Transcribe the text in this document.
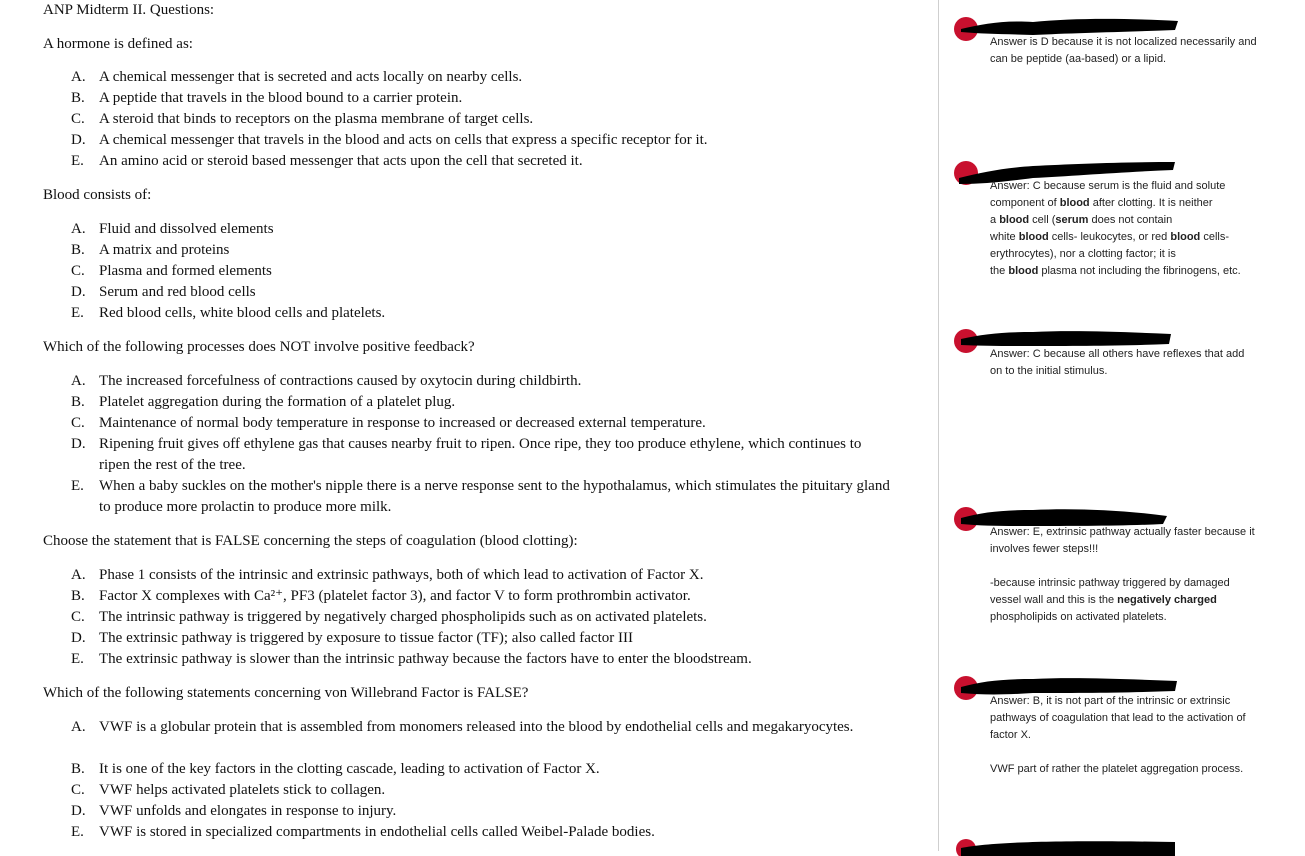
ANP Midterm II. Questions:
A hormone is defined as:
A. A chemical messenger that is secreted and acts locally on nearby cells.
B. A peptide that travels in the blood bound to a carrier protein.
C. A steroid that binds to receptors on the plasma membrane of target cells.
D. A chemical messenger that travels in the blood and acts on cells that express a specific receptor for it.
E. An amino acid or steroid based messenger that acts upon the cell that secreted it.
Blood consists of:
A. Fluid and dissolved elements
B. A matrix and proteins
C. Plasma and formed elements
D. Serum and red blood cells
E. Red blood cells, white blood cells and platelets.
Which of the following processes does NOT involve positive feedback?
A. The increased forcefulness of contractions caused by oxytocin during childbirth.
B. Platelet aggregation during the formation of a platelet plug.
C. Maintenance of normal body temperature in response to increased or decreased external temperature.
D. Ripening fruit gives off ethylene gas that causes nearby fruit to ripen. Once ripe, they too produce ethylene, which continues to ripen the rest of the tree.
E. When a baby suckles on the mother's nipple there is a nerve response sent to the hypothalamus, which stimulates the pituitary gland to produce more prolactin to produce more milk.
Choose the statement that is FALSE concerning the steps of coagulation (blood clotting):
A. Phase 1 consists of the intrinsic and extrinsic pathways, both of which lead to activation of Factor X.
B. Factor X complexes with Ca²⁺, PF3 (platelet factor 3), and factor V to form prothrombin activator.
C. The intrinsic pathway is triggered by negatively charged phospholipids such as on activated platelets.
D. The extrinsic pathway is triggered by exposure to tissue factor (TF); also called factor III
E. The extrinsic pathway is slower than the intrinsic pathway because the factors have to enter the bloodstream.
Which of the following statements concerning von Willebrand Factor is FALSE?
A. VWF is a globular protein that is assembled from monomers released into the blood by endothelial cells and megakaryocytes.
B. It is one of the key factors in the clotting cascade, leading to activation of Factor X.
C. VWF helps activated platelets stick to collagen.
D. VWF unfolds and elongates in response to injury.
E. VWF is stored in specialized compartments in endothelial cells called Weibel-Palade bodies.
Answer is D because it is not localized necessarily and
can be peptide (aa-based) or a lipid.
Answer: C because serum is the fluid and solute
component of blood after clotting. It is neither
a blood cell (serum does not contain
white blood cells- leukocytes, or red blood cells-
erythrocytes), nor a clotting factor; it is
the blood plasma not including the fibrinogens, etc.
Answer: C because all others have reflexes that add
on to the initial stimulus.
Answer: E, extrinsic pathway actually faster because it
involves fewer steps!!!
-because intrinsic pathway triggered by damaged
vessel wall and this is the negatively charged
phospholipids on activated platelets.
Answer: B, it is not part of the intrinsic or extrinsic
pathways of coagulation that lead to the activation of
factor X.
VWF part of rather the platelet aggregation process.
